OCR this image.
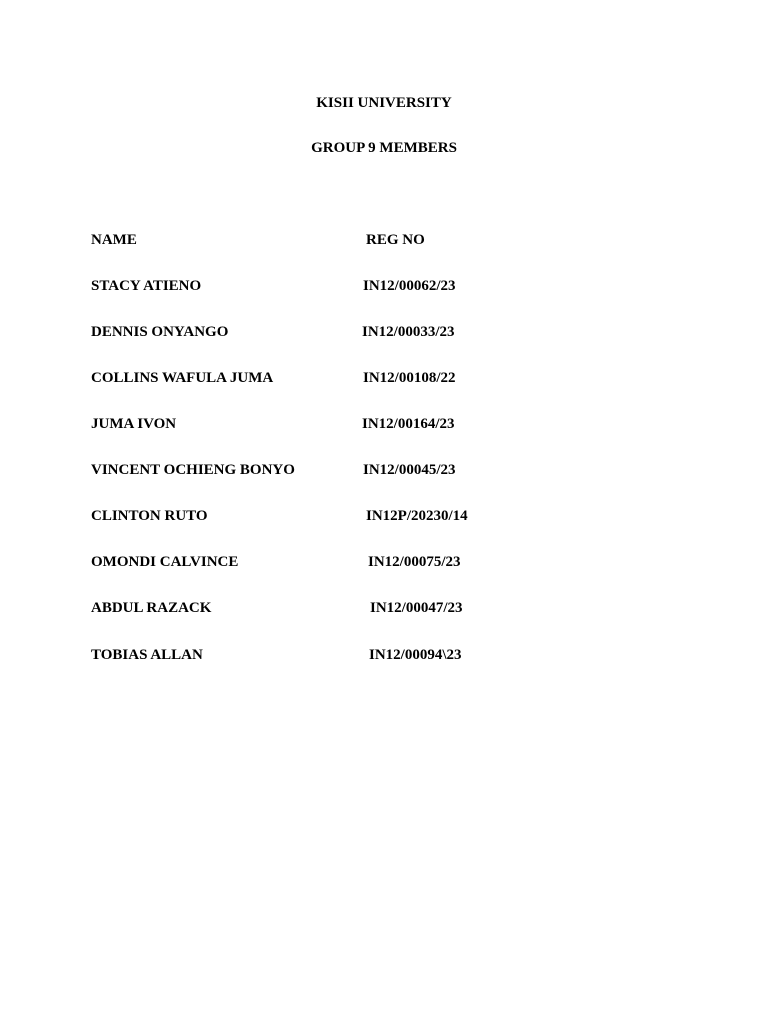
KISII UNIVERSITY
GROUP 9 MEMBERS
NAME	REG NO
STACY ATIENO	IN12/00062/23
DENNIS ONYANGO	IN12/00033/23
COLLINS WAFULA JUMA	IN12/00108/22
JUMA IVON	IN12/00164/23
VINCENT OCHIENG BONYO	IN12/00045/23
CLINTON RUTO	IN12P/20230/14
OMONDI CALVINCE	IN12/00075/23
ABDUL RAZACK	IN12/00047/23
TOBIAS ALLAN	IN12/00094\23
